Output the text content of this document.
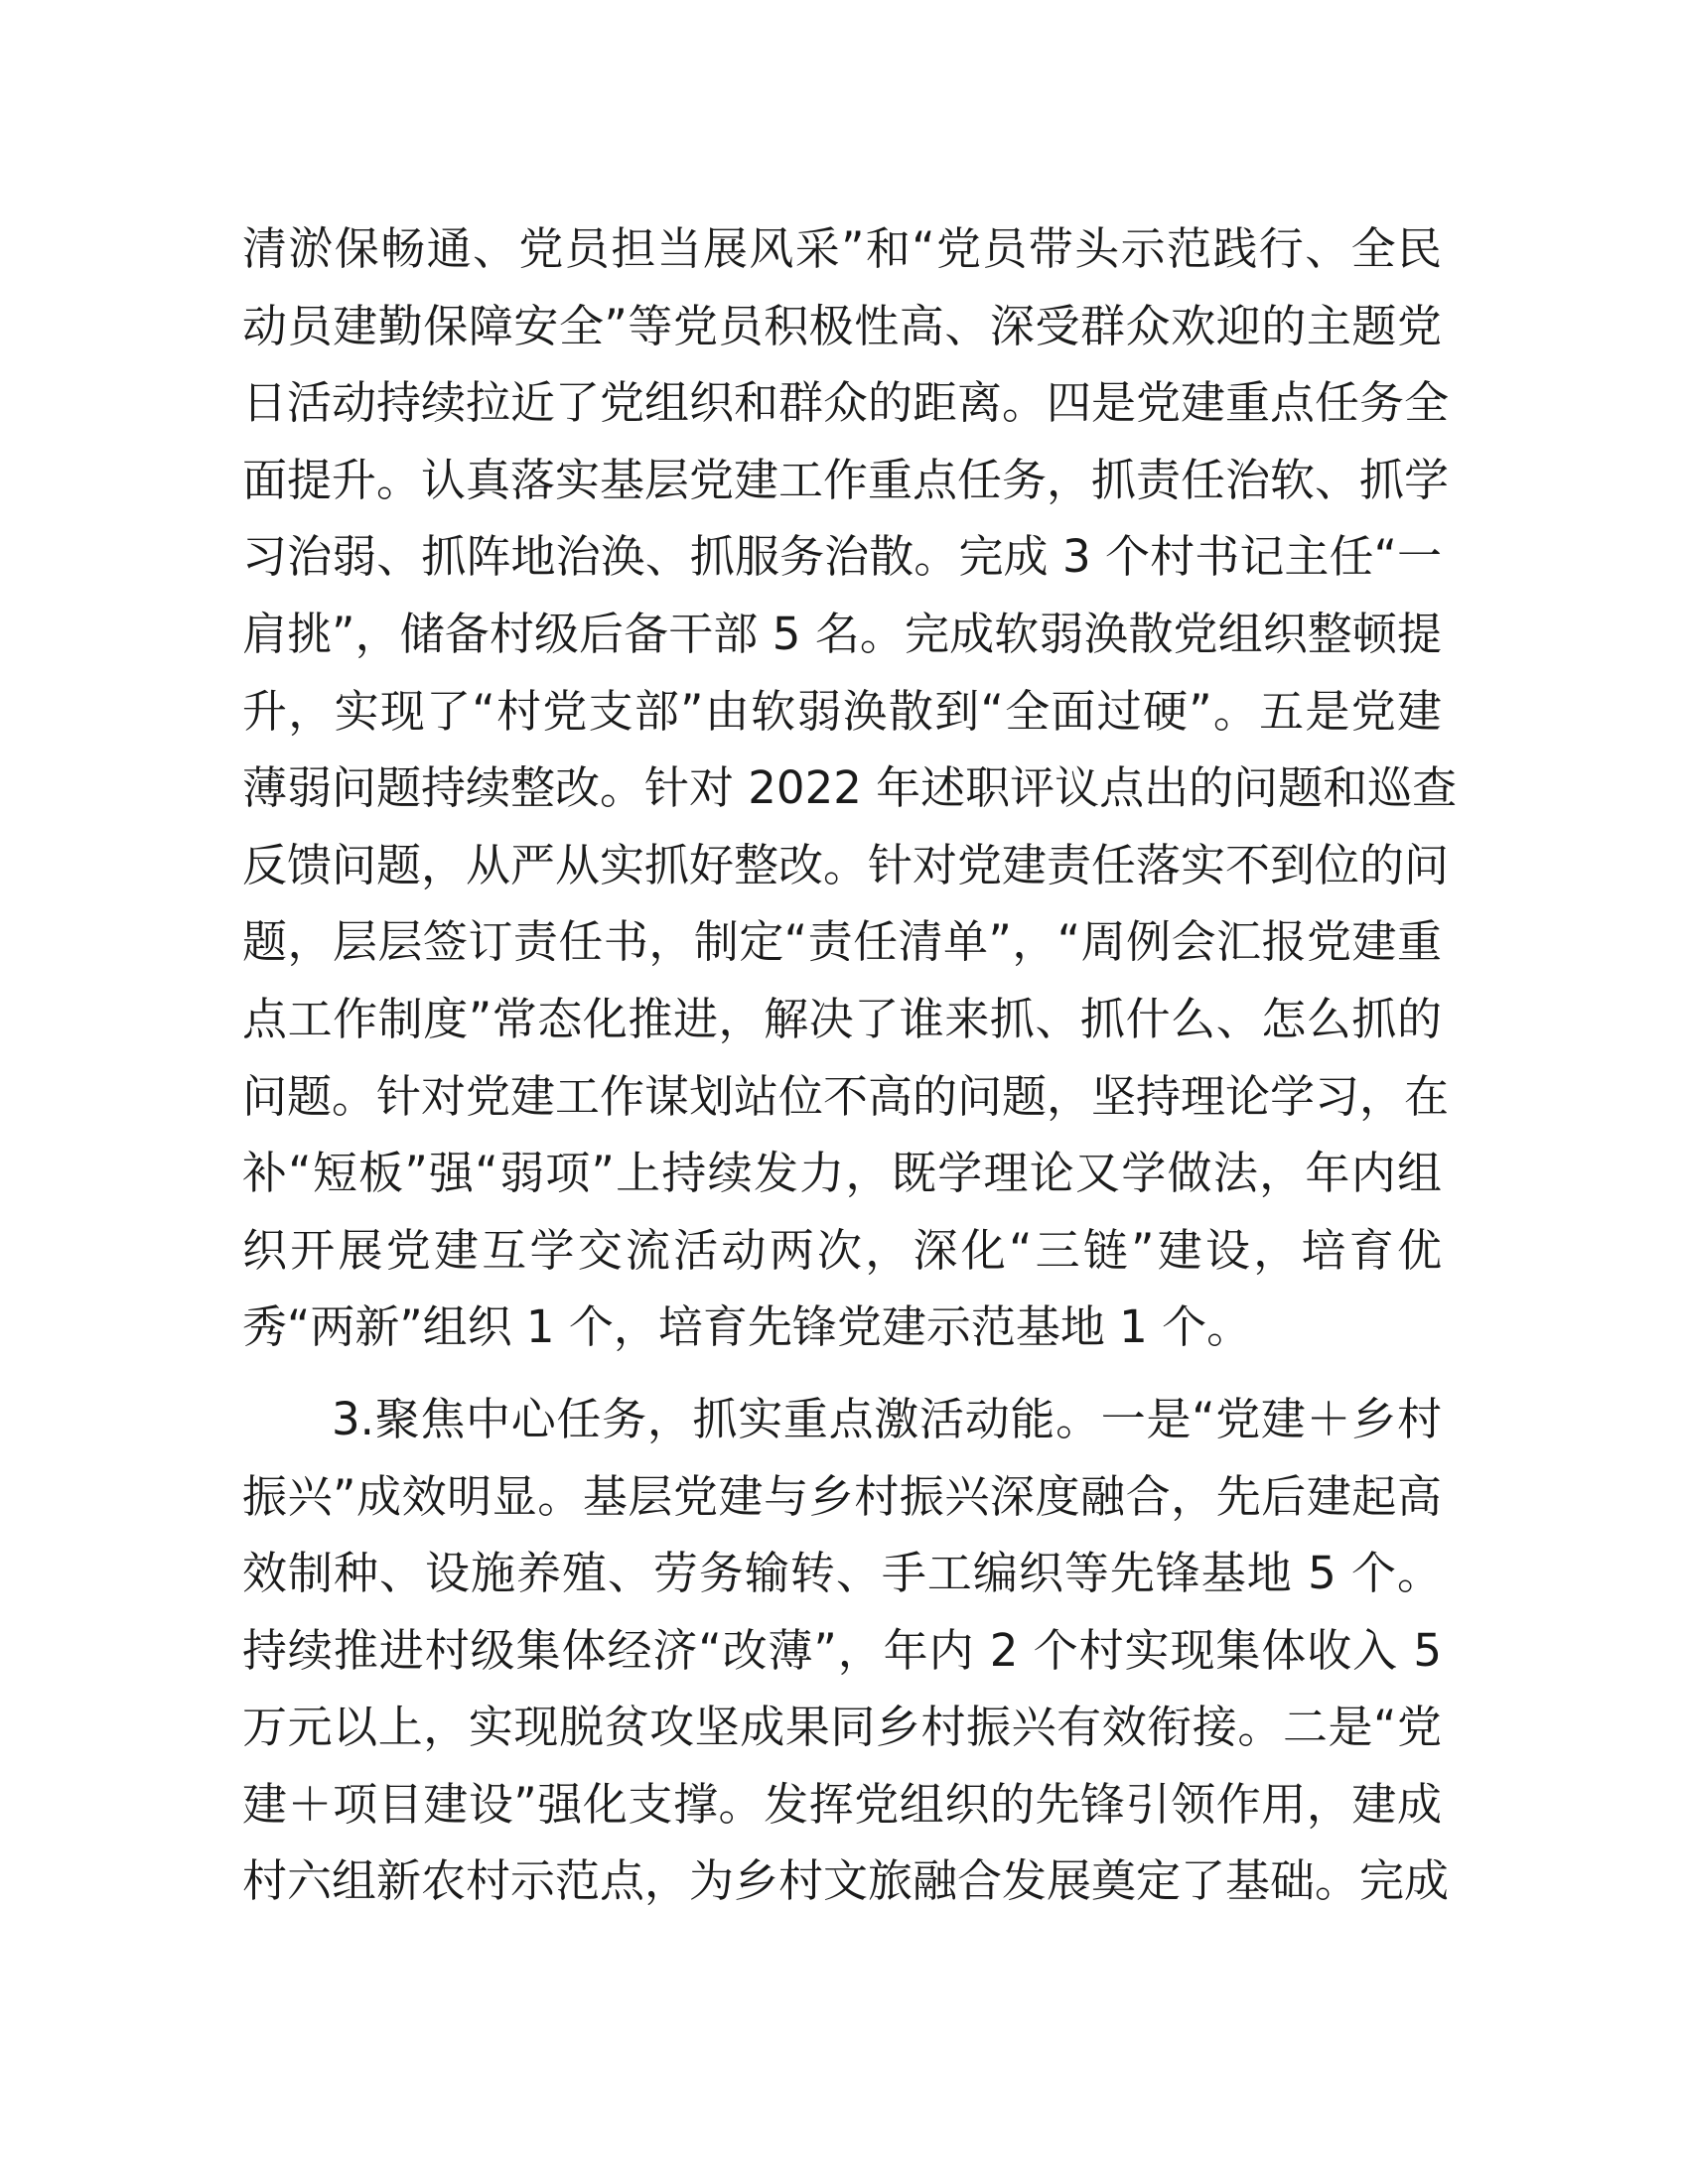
清淤保畅通、党员担当展风采”和“党员带头示范践行、全民
动员建勤保障安全”等党员积极性高、深受群众欢迎的主题党
日活动持续拉近了党组织和群众的距离。四是党建重点任务全
面提升。认真落实基层党建工作重点任务，抓责任治软、抓学
习治弱、抓阵地治涣、抓服务治散。完成 3 个村书记主任“一
肩挑”，储备村级后备干部 5 名。完成软弱涣散党组织整顿提
升，实现了“村党支部”由软弱涣散到“全面过硬”。五是党建
薄弱问题持续整改。针对 2022 年述职评议点出的问题和巡查
反馈问题，从严从实抓好整改。针对党建责任落实不到位的问
题，层层签订责任书，制定“责任清单”，“周例会汇报党建重
点工作制度”常态化推进，解决了谁来抓、抓什么、怎么抓的
问题。针对党建工作谋划站位不高的问题，坚持理论学习，在
补“短板”强“弱项”上持续发力，既学理论又学做法，年内组
织开展党建互学交流活动两次，深化“三链”建设，培育优
秀“两新”组织 1 个，培育先锋党建示范基地 1 个。
3.聚焦中心任务，抓实重点激活动能。一是“党建＋乡村
振兴”成效明显。基层党建与乡村振兴深度融合，先后建起高
效制种、设施养殖、劳务输转、手工编织等先锋基地 5 个。
持续推进村级集体经济“改薄”，年内 2 个村实现集体收入 5
万元以上，实现脱贫攻坚成果同乡村振兴有效衔接。二是“党
建＋项目建设”强化支撑。发挥党组织的先锋引领作用，建成
村六组新农村示范点，为乡村文旅融合发展奠定了基础。完成
